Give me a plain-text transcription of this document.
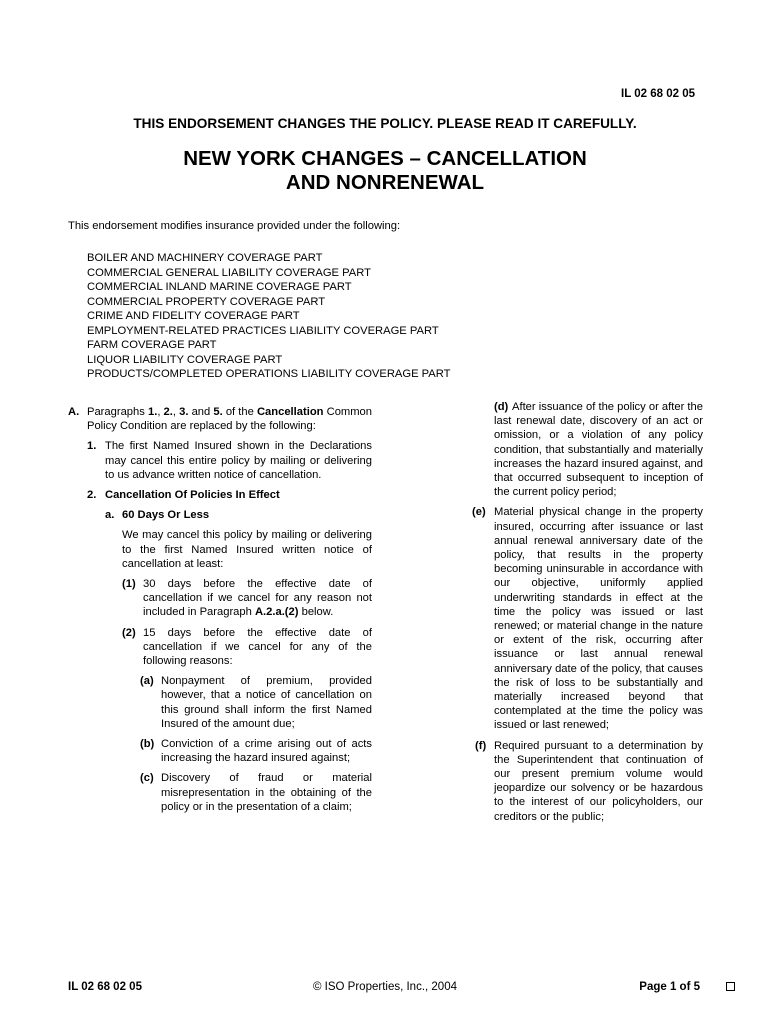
IL 02 68 02 05
THIS ENDORSEMENT CHANGES THE POLICY. PLEASE READ IT CAREFULLY.
NEW YORK CHANGES – CANCELLATION
AND NONRENEWAL
This endorsement modifies insurance provided under the following:
BOILER AND MACHINERY COVERAGE PART
COMMERCIAL GENERAL LIABILITY COVERAGE PART
COMMERCIAL INLAND MARINE COVERAGE PART
COMMERCIAL PROPERTY COVERAGE PART
CRIME AND FIDELITY COVERAGE PART
EMPLOYMENT-RELATED PRACTICES LIABILITY COVERAGE PART
FARM COVERAGE PART
LIQUOR LIABILITY COVERAGE PART
PRODUCTS/COMPLETED OPERATIONS LIABILITY COVERAGE PART
A. Paragraphs 1., 2., 3. and 5. of the Cancellation Common Policy Condition are replaced by the following:
1. The first Named Insured shown in the Declarations may cancel this entire policy by mailing or delivering to us advance written notice of cancellation.
2. Cancellation Of Policies In Effect
a. 60 Days Or Less
We may cancel this policy by mailing or delivering to the first Named Insured written notice of cancellation at least:
(1) 30 days before the effective date of cancellation if we cancel for any reason not included in Paragraph A.2.a.(2) below.
(2) 15 days before the effective date of cancellation if we cancel for any of the following reasons:
(a) Nonpayment of premium, provided however, that a notice of cancellation on this ground shall inform the first Named Insured of the amount due;
(b) Conviction of a crime arising out of acts increasing the hazard insured against;
(c) Discovery of fraud or material misrepresentation in the obtaining of the policy or in the presentation of a claim;
(d) After issuance of the policy or after the last renewal date, discovery of an act or omission, or a violation of any policy condition, that substantially and materially increases the hazard insured against, and that occurred subsequent to inception of the current policy period;
(e) Material physical change in the property insured, occurring after issuance or last annual renewal anniversary date of the policy, that results in the property becoming uninsurable in accordance with our objective, uniformly applied underwriting standards in effect at the time the policy was issued or last renewed; or material change in the nature or extent of the risk, occurring after issuance or last annual renewal anniversary date of the policy, that causes the risk of loss to be substantially and materially increased beyond that contemplated at the time the policy was issued or last renewed;
(f) Required pursuant to a determination by the Superintendent that continuation of our present premium volume would jeopardize our solvency or be hazardous to the interest of our policyholders, our creditors or the public;
IL 02 68 02 05	© ISO Properties, Inc., 2004	Page 1 of 5
